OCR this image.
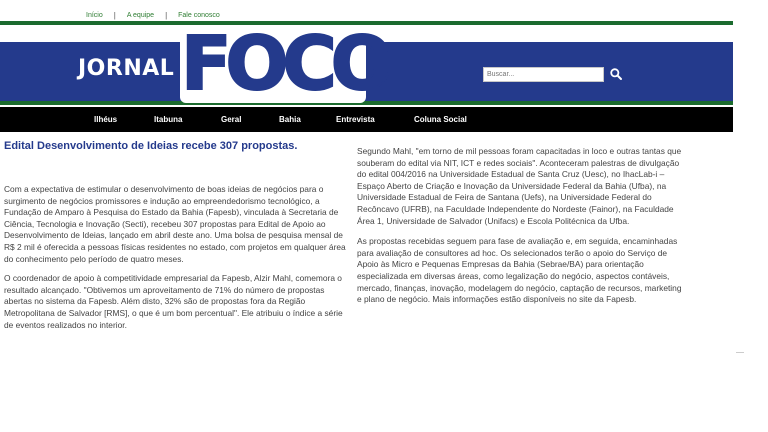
Início | A equipe | Fale conosco
JORNAL FOCO
Buscar...
Ilhéus	Itabuna	Geral	Bahia	Entrevista	Coluna Social
Edital Desenvolvimento de Ideias recebe 307 propostas.

Com a expectativa de estimular o desenvolvimento de boas ideias de negócios para o surgimento de negócios promissores e indução ao empreendedorismo tecnológico, a Fundação de Amparo à Pesquisa do Estado da Bahia (Fapesb), vinculada à Secretaria de Ciência, Tecnologia e Inovação (Secti), recebeu 307 propostas para Edital de Apoio ao Desenvolvimento de Ideias, lançado em abril deste ano. Uma bolsa de pesquisa mensal de R$ 2 mil é oferecida a pessoas físicas residentes no estado, com projetos em qualquer área do conhecimento pelo período de quatro meses.

O coordenador de apoio à competitividade empresarial da Fapesb, Alzir Mahl, comemora o resultado alcançado. "Obtivemos um aproveitamento de 71% do número de propostas abertas no sistema da Fapesb. Além disto, 32% são de propostas fora da Região Metropolitana de Salvador [RMS], o que é um bom percentual". Ele atribuiu o índice a série de eventos realizados no interior.

Segundo Mahl, "em torno de mil pessoas foram capacitadas in loco e outras tantas que souberam do edital via NIT, ICT e redes sociais". Aconteceram palestras de divulgação do edital 004/2016 na Universidade Estadual de Santa Cruz (Uesc), no IhacLab-i – Espaço Aberto de Criação e Inovação da Universidade Federal da Bahia (Ufba), na Universidade Estadual de Feira de Santana (Uefs), na Universidade Federal do Recôncavo (UFRB), na Faculdade Independente do Nordeste (Fainor), na Faculdade Área 1, Universidade de Salvador (Unifacs) e Escola Politécnica da Ufba.

As propostas recebidas seguem para fase de avaliação e, em seguida, encaminhadas para avaliação de consultores ad hoc. Os selecionados terão o apoio do Serviço de Apoio às Micro e Pequenas Empresas da Bahia (Sebrae/BA) para orientação especializada em diversas áreas, como legalização do negócio, aspectos contáveis, mercado, finanças, inovação, modelagem do negócio, captação de recursos, marketing e plano de negócio. Mais informações estão disponíveis no site da Fapesb.
